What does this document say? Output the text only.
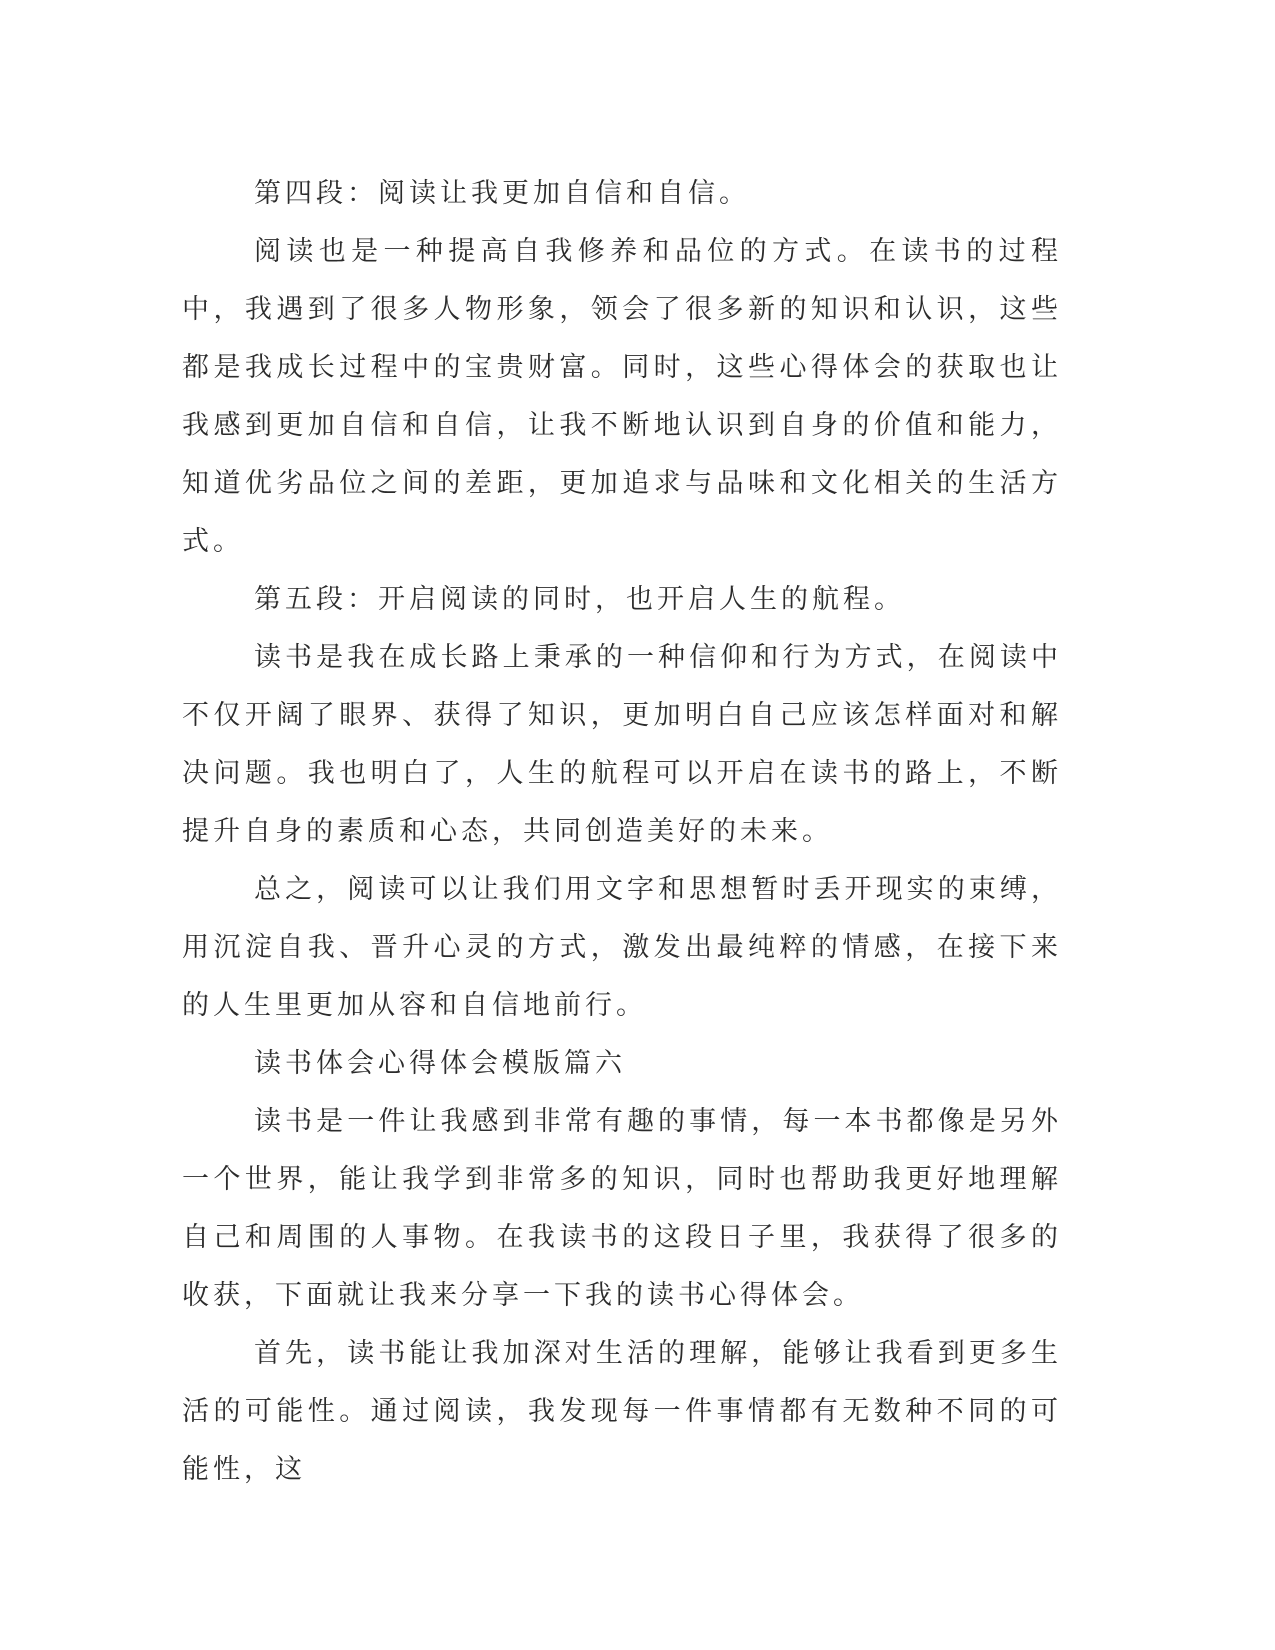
第四段：阅读让我更加自信和自信。

阅读也是一种提高自我修养和品位的方式。在读书的过程中，我遇到了很多人物形象，领会了很多新的知识和认识，这些都是我成长过程中的宝贵财富。同时，这些心得体会的获取也让我感到更加自信和自信，让我不断地认识到自身的价值和能力，知道优劣品位之间的差距，更加追求与品味和文化相关的生活方式。

第五段：开启阅读的同时，也开启人生的航程。

读书是我在成长路上秉承的一种信仰和行为方式，在阅读中不仅开阔了眼界、获得了知识，更加明白自己应该怎样面对和解决问题。我也明白了，人生的航程可以开启在读书的路上，不断提升自身的素质和心态，共同创造美好的未来。

总之，阅读可以让我们用文字和思想暂时丢开现实的束缚，用沉淀自我、晋升心灵的方式，激发出最纯粹的情感，在接下来的人生里更加从容和自信地前行。

读书体会心得体会模版篇六

读书是一件让我感到非常有趣的事情，每一本书都像是另外一个世界，能让我学到非常多的知识，同时也帮助我更好地理解自己和周围的人事物。在我读书的这段日子里，我获得了很多的收获，下面就让我来分享一下我的读书心得体会。

首先，读书能让我加深对生活的理解，能够让我看到更多生活的可能性。通过阅读，我发现每一件事情都有无数种不同的可能性，这
